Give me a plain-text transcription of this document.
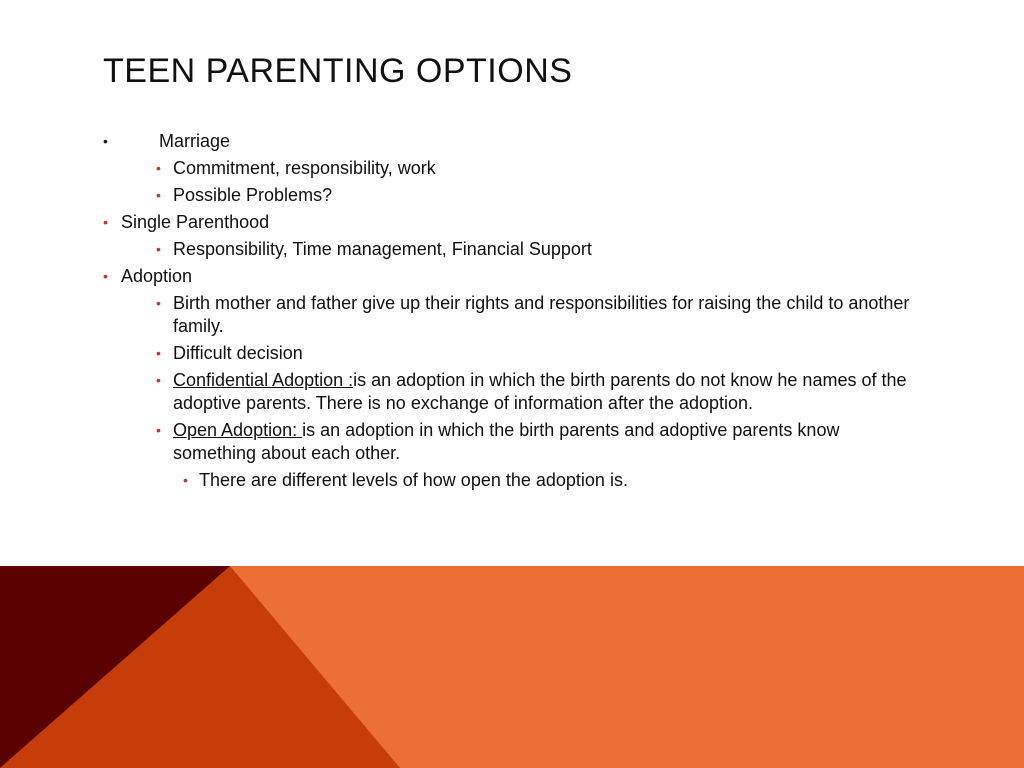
TEEN PARENTING OPTIONS
•	Marriage
• Commitment, responsibility, work
• Possible Problems?
• Single Parenthood
• Responsibility, Time management, Financial Support
• Adoption
• Birth mother and father give up their rights and responsibilities for raising the child to another family.
• Difficult decision
• Confidential Adoption :is an adoption in which the birth parents do not know he names of the adoptive parents. There is no exchange of information after the adoption.
• Open Adoption: is an adoption in which the birth parents and adoptive parents know something about each other.
• There are different levels of how open the adoption is.
